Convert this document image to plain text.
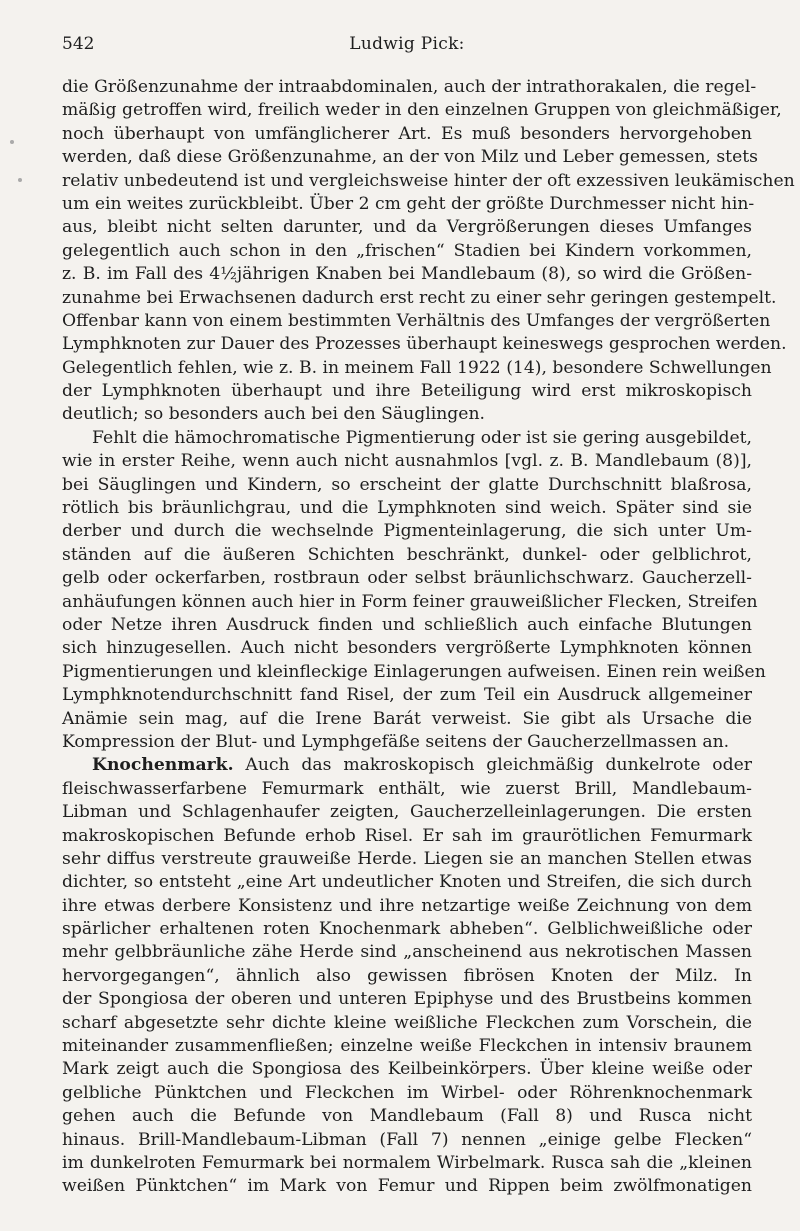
542	Ludwig Pick:
die Größenzunahme der intraabdominalen, auch der intrathorakalen, die regel-
mäßig getroffen wird, freilich weder in den einzelnen Gruppen von gleichmäßiger,
noch überhaupt von umfänglicherer Art. Es muß besonders hervorgehoben
werden, daß diese Größenzunahme, an der von Milz und Leber gemessen, stets
relativ unbedeutend ist und vergleichsweise hinter der oft exzessiven leukämischen
um ein weites zurückbleibt. Über 2 cm geht der größte Durchmesser nicht hin-
aus, bleibt nicht selten darunter, und da Vergrößerungen dieses Umfanges
gelegentlich auch schon in den „frischen“ Stadien bei Kindern vorkommen,
z. B. im Fall des 4½jährigen Knaben bei Mandlebaum (8), so wird die Größen-
zunahme bei Erwachsenen dadurch erst recht zu einer sehr geringen gestempelt.
Offenbar kann von einem bestimmten Verhältnis des Umfanges der vergrößerten
Lymphknoten zur Dauer des Prozesses überhaupt keineswegs gesprochen werden.
Gelegentlich fehlen, wie z. B. in meinem Fall 1922 (14), besondere Schwellungen
der Lymphknoten überhaupt und ihre Beteiligung wird erst mikroskopisch
deutlich; so besonders auch bei den Säuglingen.
Fehlt die hämochromatische Pigmentierung oder ist sie gering ausgebildet,
wie in erster Reihe, wenn auch nicht ausnahmlos [vgl. z. B. Mandlebaum (8)],
bei Säuglingen und Kindern, so erscheint der glatte Durchschnitt blaßrosa,
rötlich bis bräunlichgrau, und die Lymphknoten sind weich. Später sind sie
derber und durch die wechselnde Pigmenteinlagerung, die sich unter Um-
ständen auf die äußeren Schichten beschränkt, dunkel- oder gelblichrot,
gelb oder ockerfarben, rostbraun oder selbst bräunlichschwarz. Gaucherzell-
anhäufungen können auch hier in Form feiner grauweißlicher Flecken, Streifen
oder Netze ihren Ausdruck finden und schließlich auch einfache Blutungen
sich hinzugesellen. Auch nicht besonders vergrößerte Lymphknoten können
Pigmentierungen und kleinfleckige Einlagerungen aufweisen. Einen rein weißen
Lymphknotendurchschnitt fand Risel, der zum Teil ein Ausdruck allgemeiner
Anämie sein mag, auf die Irene Barát verweist. Sie gibt als Ursache die
Kompression der Blut- und Lymphgefäße seitens der Gaucherzellmassen an.
Knochenmark. Auch das makroskopisch gleichmäßig dunkelrote oder
fleischwasserfarbene Femurmark enthält, wie zuerst Brill, Mandlebaum-
Libman und Schlagenhaufer zeigten, Gaucherzelleinlagerungen. Die ersten
makroskopischen Befunde erhob Risel. Er sah im graurötlichen Femurmark
sehr diffus verstreute grauweiße Herde. Liegen sie an manchen Stellen etwas
dichter, so entsteht „eine Art undeutlicher Knoten und Streifen, die sich durch
ihre etwas derbere Konsistenz und ihre netzartige weiße Zeichnung von dem
spärlicher erhaltenen roten Knochenmark abheben“. Gelblichweißliche oder
mehr gelbbräunliche zähe Herde sind „anscheinend aus nekrotischen Massen
hervorgegangen“, ähnlich also gewissen fibrösen Knoten der Milz. In
der Spongiosa der oberen und unteren Epiphyse und des Brustbeins kommen
scharf abgesetzte sehr dichte kleine weißliche Fleckchen zum Vorschein, die
miteinander zusammenfließen; einzelne weiße Fleckchen in intensiv braunem
Mark zeigt auch die Spongiosa des Keilbeinkörpers. Über kleine weiße oder
gelbliche Pünktchen und Fleckchen im Wirbel- oder Röhrenknochenmark
gehen auch die Befunde von Mandlebaum (Fall 8) und Rusca nicht
hinaus. Brill-Mandlebaum-Libman (Fall 7) nennen „einige gelbe Flecken“
im dunkelroten Femurmark bei normalem Wirbelmark. Rusca sah die „kleinen
weißen Pünktchen“ im Mark von Femur und Rippen beim zwölfmonatigen
